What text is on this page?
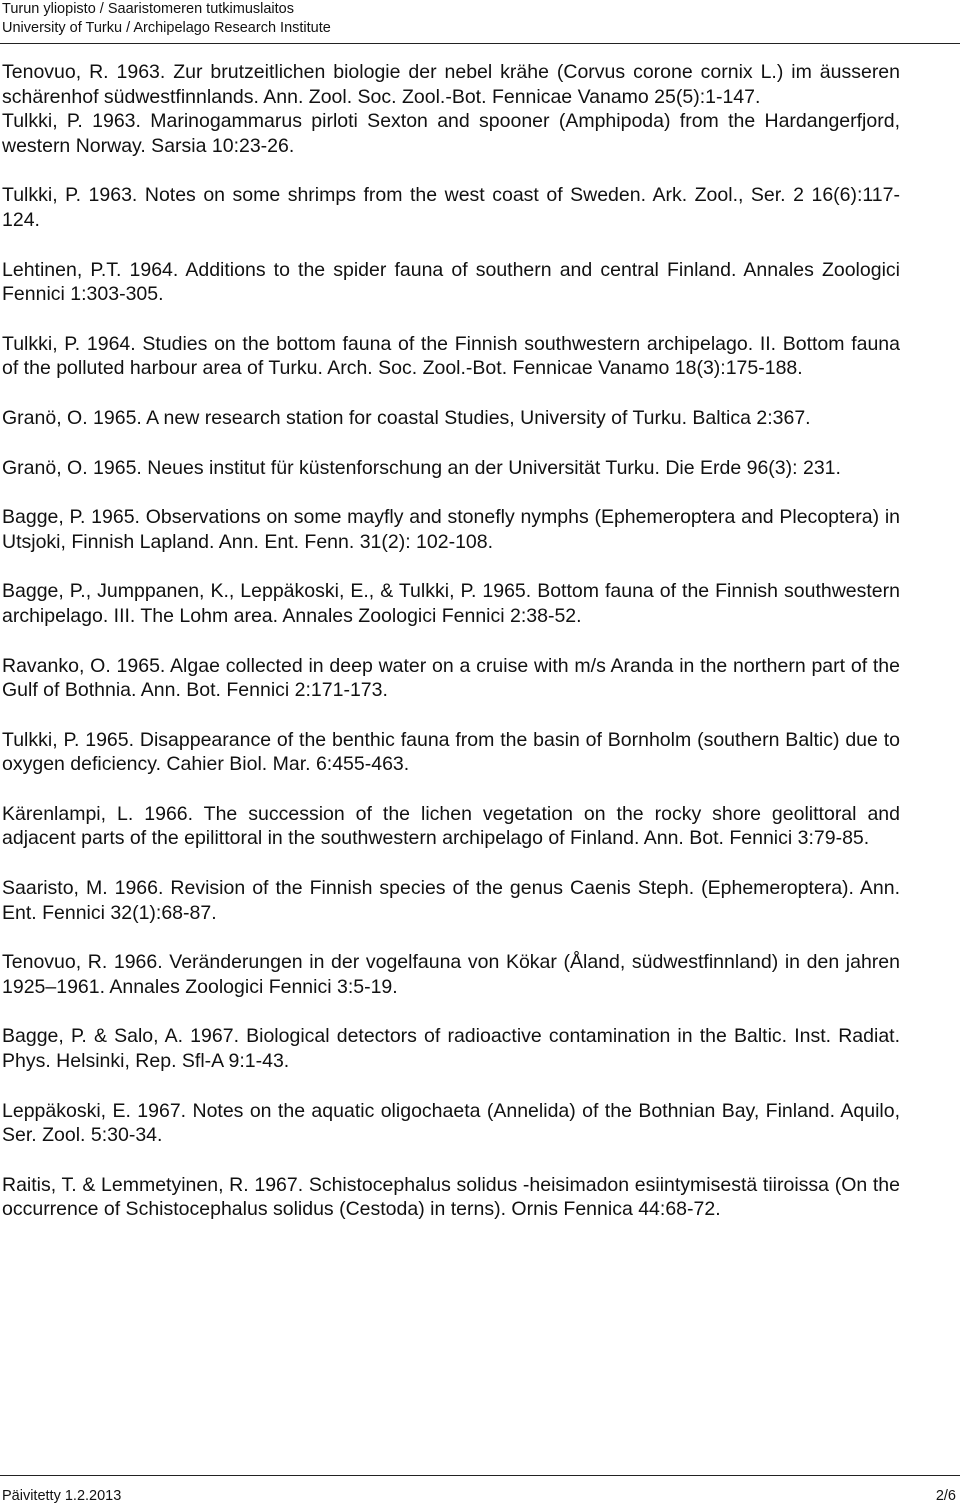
Turun yliopisto / Saaristomeren tutkimuslaitos
University of Turku / Archipelago Research Institute
Tenovuo, R. 1963. Zur brutzeitlichen biologie der nebel krähe (Corvus corone cornix L.) im äusseren schärenhof südwestfinnlands. Ann. Zool. Soc. Zool.-Bot. Fennicae Vanamo 25(5):1-147.
Tulkki, P. 1963. Marinogammarus pirloti Sexton and spooner (Amphipoda) from the Hardangerfjord, western Norway. Sarsia 10:23-26.
Tulkki, P. 1963. Notes on some shrimps from the west coast of Sweden. Ark. Zool., Ser. 2 16(6):117-124.
Lehtinen, P.T. 1964. Additions to the spider fauna of southern and central Finland. Annales Zoologici Fennici 1:303-305.
Tulkki, P. 1964. Studies on the bottom fauna of the Finnish southwestern archipelago. II. Bottom fauna of the polluted harbour area of Turku. Arch. Soc. Zool.-Bot. Fennicae Vanamo 18(3):175-188.
Granö, O. 1965. A new research station for coastal Studies, University of Turku. Baltica 2:367.
Granö, O. 1965. Neues institut für küstenforschung an der Universität Turku. Die Erde 96(3): 231.
Bagge, P. 1965. Observations on some mayfly and stonefly nymphs (Ephemeroptera and Plecoptera) in Utsjoki, Finnish Lapland. Ann. Ent. Fenn. 31(2): 102-108.
Bagge, P., Jumppanen, K., Leppäkoski, E., & Tulkki, P. 1965. Bottom fauna of the Finnish southwestern archipelago. III. The Lohm area. Annales Zoologici Fennici 2:38-52.
Ravanko, O. 1965. Algae collected in deep water on a cruise with m/s Aranda in the northern part of the Gulf of Bothnia. Ann. Bot. Fennici 2:171-173.
Tulkki, P. 1965. Disappearance of the benthic fauna from the basin of Bornholm (southern Baltic) due to oxygen deficiency. Cahier Biol. Mar. 6:455-463.
Kärenlampi, L. 1966. The succession of the lichen vegetation on the rocky shore geolittoral and adjacent parts of the epilittoral in the southwestern archipelago of Finland. Ann. Bot. Fennici 3:79-85.
Saaristo, M. 1966. Revision of the Finnish species of the genus Caenis Steph. (Ephemeroptera). Ann. Ent. Fennici 32(1):68-87.
Tenovuo, R. 1966. Veränderungen in der vogelfauna von Kökar (Åland, südwestfinnland) in den jahren 1925–1961. Annales Zoologici Fennici 3:5-19.
Bagge, P. & Salo, A. 1967. Biological detectors of radioactive contamination in the Baltic. Inst. Radiat. Phys. Helsinki, Rep. Sfl-A 9:1-43.
Leppäkoski, E. 1967. Notes on the aquatic oligochaeta (Annelida) of the Bothnian Bay, Finland. Aquilo, Ser. Zool. 5:30-34.
Raitis, T. & Lemmetyinen, R. 1967. Schistocephalus solidus -heisimadon esiintymisestä tiiroissa (On the occurrence of Schistocephalus solidus (Cestoda) in terns). Ornis Fennica 44:68-72.
Päivitetty 1.2.2013	2/6
